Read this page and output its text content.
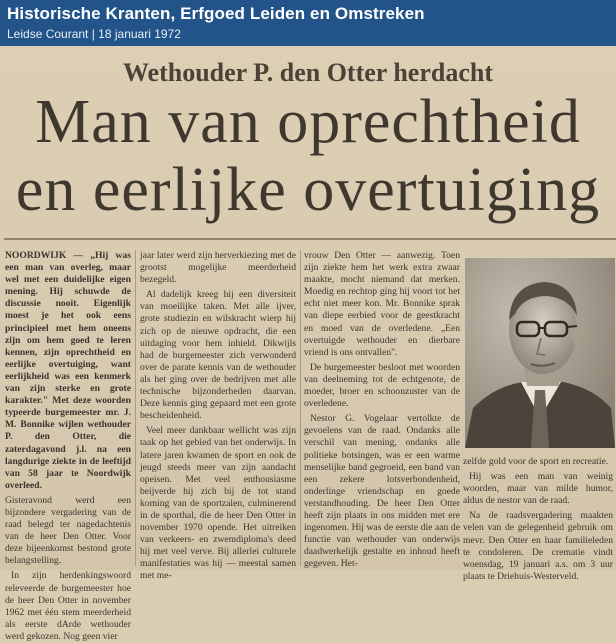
Historische Kranten, Erfgoed Leiden en Omstreken
Leidse Courant | 18 januari 1972
Wethouder P. den Otter herdacht
Man van oprechtheid
en eerlijke overtuiging

NOORDWIJK — „Hij was een man van overleg, maar wel met een duidelijke eigen mening. Hij schuwde de discussie nooit. Eigenlijk moest je het ook eens principieel met hem oneens zijn om hem goed te leren kennen, zijn oprechtheid en eerlijke overtuiging, want eerlijkheid was een kenmerk van zijn sterke en grote karakter." Met deze woorden typeerde burgemeester mr. J. M. Bonnike wijlen wethouder P. den Otter, die zaterdagavond j.l. na een langdurige ziekte in de leeftijd van 58 jaar te Noordwijk overleed.

Gisteravond werd een bijzondere vergadering van de raad belegd ter nagedachtenis van de heer Den Otter. Voor deze bijeenkomst bestond grote belangstelling.

In zijn herdenkingswoord releveerde de burgemeester hoe de heer Den Otter in november 1962 met één stem meerderheid als eerste dArde wethouder werd gekozen. Nog geen vier

jaar later werd zijn herverkiezing met de grootst mogelijke meerderheid bezegeld.

Al dadelijk kreeg hij een diversiteit van moeilijke taken. Met alle ijver, grote studiezin en wilskracht wierp hij zich op de nieuwe opdracht, die een uitdaging voor hem inhield. Dikwijls had de burgemeester zich verwonderd over de parate kennis van de wethouder als het ging over de bedrijven met alle technische bijzonderheden daarvan. Deze kennis ging gepaard met een grote bescheidenheid.

Veel meer dankbaar wellicht was zijn taak op het gebied van het onderwijs. In latere jaren kwamen de sport en ook de jeugd steeds meer van zijn aandacht opeisen. Met veel enthousiasme beijverde hij zich bij de tot stand koming van de sportzalen, culminerend in de sporthal, die de heer Den Otter in november 1970 opende. Het uitreiken van verkeers- en zwemdiploma's deed hij met veel verve. Bij allerlei culturele manifestaties was hij — meestal samen met me-

vrouw Den Otter — aanwezig. Toen zijn ziekte hem het werk extra zwaar maakte, mocht niemand dat merken. Moedig en rechtop ging hij voort tot het echt niet meer kon. Mr. Bonnike sprak van diepe eerbied voor de geestkracht en moed van de overledene. „Een overtuigde wethouder en dierbare vriend is ons ontvallen".

De burgemeester besloot met woorden van deelneming tot de echtgenote, de moeder, broer en schoonzuster van de overledene.

Nestor G. Vogelaar vertolkte de gevoelens van de raad. Ondanks alle verschil van mening, ondanks alle politieke botsingen, was er een warme menselijke band gegroeid, een band van een zekere lotsverbondenheid, onderlinge vriendschap en goede verstandhouding. De heer Den Otter heeft zijn plaats in ons midden met ere ingenomen. Hij was de eerste die aan de functie van wethouder van onderwijs daadwerkelijk gestalte en inhoud heeft gegeven. Het-

zelfde gold voor de sport en recreatie.

Hij was een man van weinig woorden, maar van milde humor, aldus de nestor van de raad.

Na de raadsvergadering maakten velen van de gelegenheid gebruik om mevr. Den Otter en haar familieleden te condoleren. De crematie vindt woensdag, 19 januari a.s. om 3 uur plaats te Driehuis-Westerveld.
